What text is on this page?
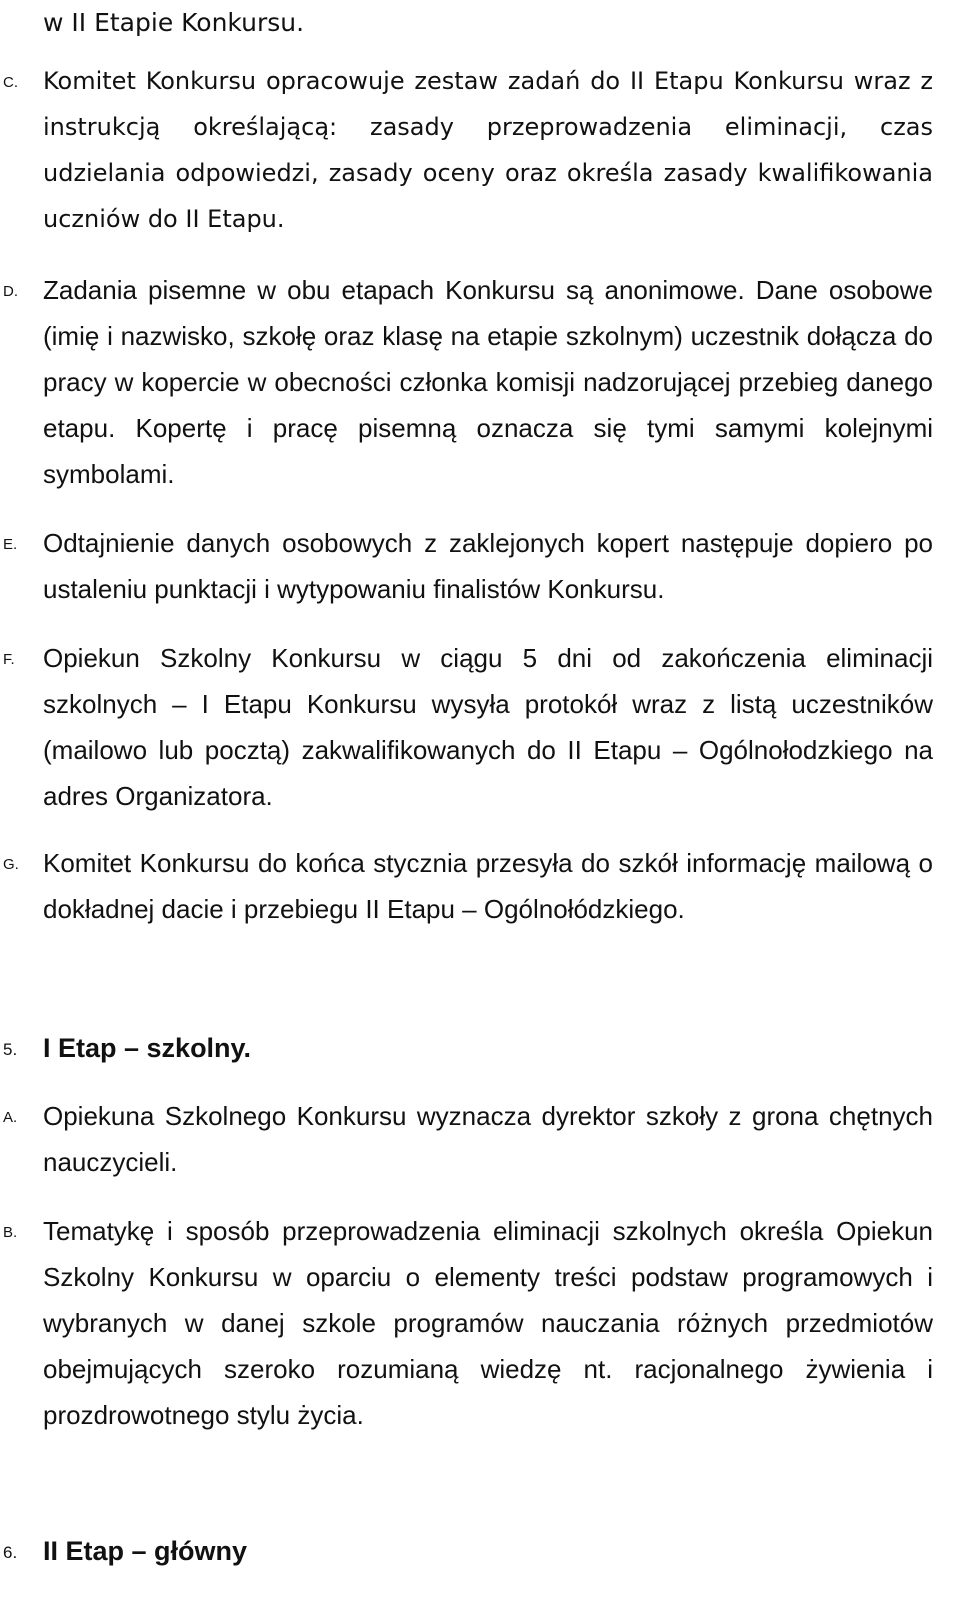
w II Etapie Konkursu.
C. Komitet Konkursu opracowuje zestaw zadań do II Etapu Konkursu wraz z instrukcją określającą: zasady przeprowadzenia eliminacji, czas udzielania odpowiedzi, zasady oceny oraz określa zasady kwalifikowania uczniów do II Etapu.
D. Zadania pisemne w obu etapach Konkursu są anonimowe. Dane osobowe (imię i nazwisko, szkołę oraz klasę na etapie szkolnym) uczestnik dołącza do pracy w kopercie w obecności członka komisji nadzorującej przebieg danego etapu. Kopertę i pracę pisemną oznacza się tymi samymi kolejnymi symbolami.
E. Odtajnienie danych osobowych z zaklejonych kopert następuje dopiero po ustaleniu punktacji i wytypowaniu finalistów Konkursu.
F. Opiekun Szkolny Konkursu w ciągu 5 dni od zakończenia eliminacji szkolnych – I Etapu Konkursu wysyła protokół wraz z listą uczestników (mailowo lub pocztą) zakwalifikowanych do II Etapu – Ogólnołodzkiego na adres Organizatora.
G. Komitet Konkursu do końca stycznia przesyła do szkół informację mailową o dokładnej dacie i przebiegu II Etapu – Ogólnołódzkiego.
5. I Etap – szkolny.
A. Opiekuna Szkolnego Konkursu wyznacza dyrektor szkoły z grona chętnych nauczycieli.
B. Tematykę i sposób przeprowadzenia eliminacji szkolnych określa Opiekun Szkolny Konkursu w oparciu o elementy treści podstaw programowych i wybranych w danej szkole programów nauczania różnych przedmiotów obejmujących szeroko rozumianą wiedzę nt. racjonalnego żywienia i prozdrowotnego stylu życia.
6. II Etap – główny
